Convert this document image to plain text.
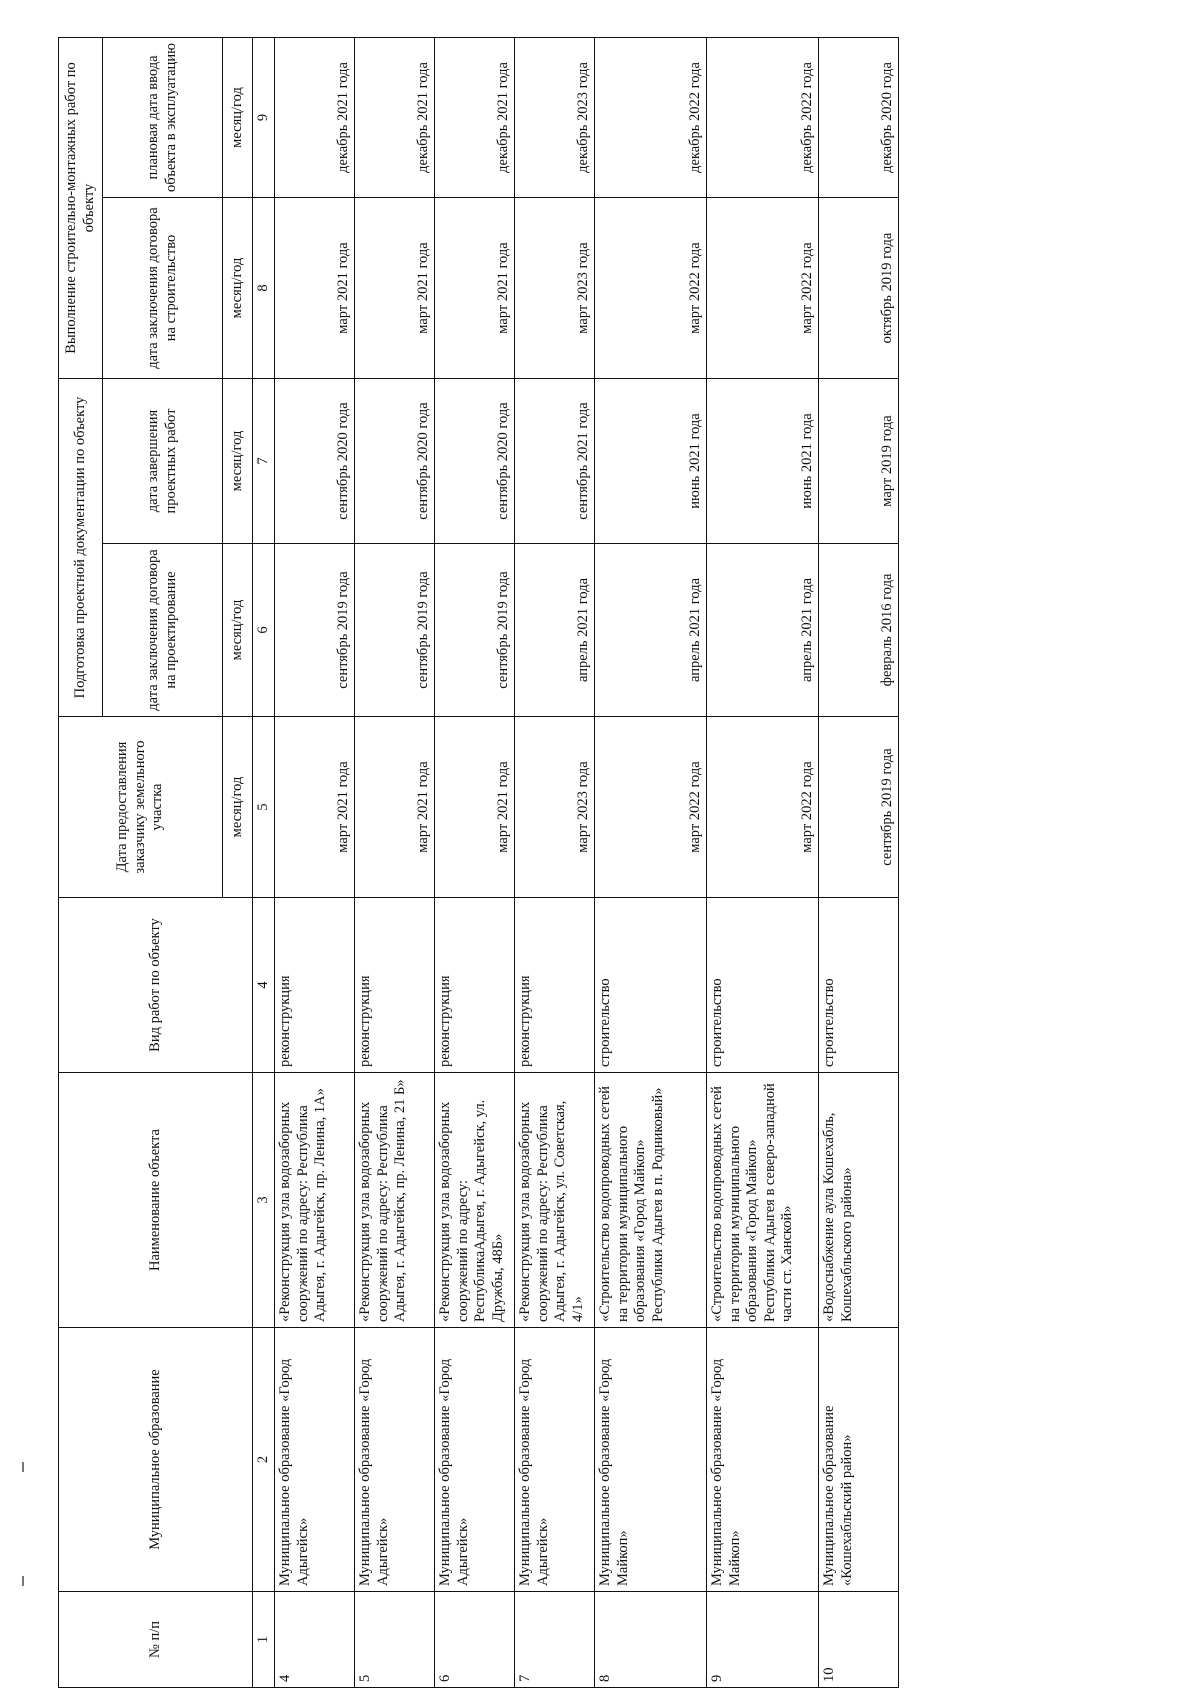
№ п/п	Муниципальное образование	Наименование объекта	Вид работ по объекту	Дата предоставления заказчику земельного участка	Подготовка проектной документации по объекту		Выполнение строительно-монтажных работ по объекту	
					дата заключения договора на проектирование	дата завершения проектных работ	дата заключения договора на строительство	плановая дата ввода объекта в эксплуатацию
				месяц/год	месяц/год	месяц/год	месяц/год	месяц/год
1	2	3	4	5	6	7	8	9
4	Муниципальное образование «Город Адыгейск»	«Реконструкция узла водозаборных сооружений по адресу: Республика Адыгея, г. Адыгейск, пр. Ленина, 1А»	реконструкция	март 2021 года	сентябрь 2019 года	сентябрь 2020 года	март 2021 года	декабрь 2021 года
5	Муниципальное образование «Город Адыгейск»	«Реконструкция узла водозаборных сооружений по адресу: Республика Адыгея, г. Адыгейск, пр. Ленина, 21 Б»	реконструкция	март 2021 года	сентябрь 2019 года	сентябрь 2020 года	март 2021 года	декабрь 2021 года
6	Муниципальное образование «Город Адыгейск»	«Реконструкция узла водозаборных сооружений по адресу: РеспубликаАдыгея, г. Адыгейск, ул. Дружбы, 48Б»	реконструкция	март 2021 года	сентябрь 2019 года	сентябрь 2020 года	март 2021 года	декабрь 2021 года
7	Муниципальное образование «Город Адыгейск»	«Реконструкция узла водозаборных сооружений по адресу: Республика Адыгея, г. Адыгейск, ул. Советская, 4/1»	реконструкция	март 2023 года	апрель 2021 года	сентябрь 2021 года	март 2023 года	декабрь 2023 года
8	Муниципальное образование «Город Майкоп»	«Строительство водопроводных сетей на территории муниципального образования «Город Майкоп» Республики Адыгея в п. Родниковый»	строительство	март 2022 года	апрель 2021 года	июнь 2021 года	март 2022 года	декабрь 2022 года
9	Муниципальное образование «Город Майкоп»	«Строительство водопроводных сетей на территории муниципального образования «Город Майкоп» Республики Адыгея в северо-западной части ст. Ханской»	строительство	март 2022 года	апрель 2021 года	июнь 2021 года	март 2022 года	декабрь 2022 года
10	Муниципальное образование «Кошехабльский район»	«Водоснабжение аула Кошехабль, Кошехабльского района»	строительство	сентябрь 2019 года	февраль 2016 года	март 2019 года	октябрь 2019 года	декабрь 2020 года
